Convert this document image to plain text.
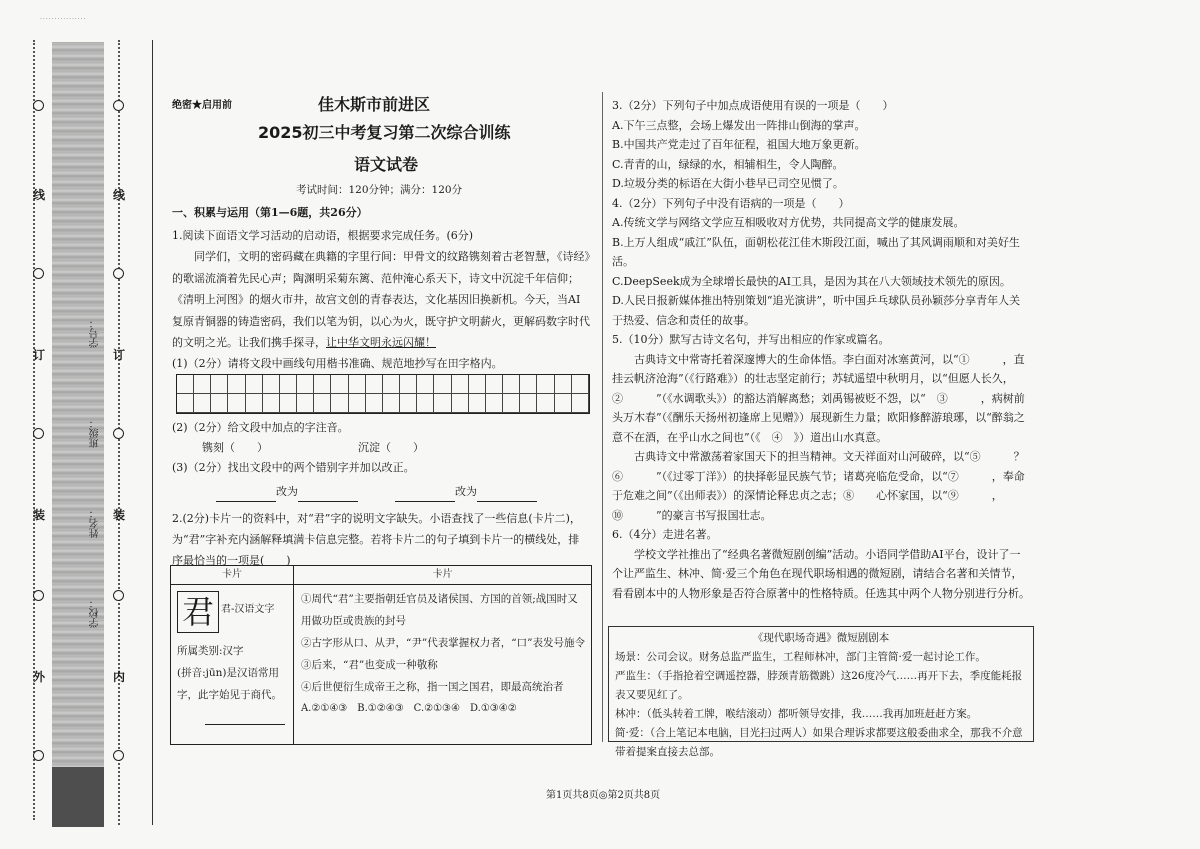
................
线
订
装
外
线
订
装
内
学号：
班级：
姓名：
学校：
绝密★启用前	佳木斯市前进区
2025初三中考复习第二次综合训练
语文试卷
考试时间：120分钟；满分：120分
一、积累与运用（第1—6题，共26分）

1.阅读下面语文学习活动的启动语，根据要求完成任务。(6分)

同学们，文明的密码藏在典籍的字里行间：甲骨文的纹路镌刻着古老智慧，《诗经》的歌谣流淌着先民心声；陶渊明采菊东篱、范仲淹心系天下，诗文中沉淀千年信仰；《清明上河图》的烟火市井，故宫文创的青春表达，文化基因旧换新机。今天，当AI复原青铜器的铸造密码，我们以笔为钥，以心为火，既守护文明薪火，更解码数字时代的文明之光。让我们携手探寻，让中华文明永远闪耀！

(1)（2分）请将文段中画线句用楷书准确、规范地抄写在田字格内。

(2)（2分）给文段中加点的字注音。

镌刻（　　）	沉淀（　　）

(3)（2分）找出文段中的两个错别字并加以改正。

改为	改为

2.(2分)卡片一的资料中，对“君”字的说明文字缺失。小语查找了一些信息(卡片二)，为“君”字补充内涵解释填满卡信息完整。若将卡片二的句子填到卡片一的横线处，排序最恰当的一项是(　　)

卡片	卡片
君 君-汉语文字
所属类别:汉字
(拼音:jūn)是汉语常用字，此字始见于商代。

①周代“君”主要指朝廷官员及诸侯国、方国的首领;战国时又用做功臣或贵族的封号

②古字形从口、从尹，“尹”代表掌握权力者，“口”表发号施令

③后来，“君”也变成一种敬称

④后世便衍生成帝王之称，指一国之国君，即最高统治者

A.②①④③　B.①②④③　C.②①③④　D.①③④②

3.（2分）下列句子中加点成语使用有误的一项是（　　）

A.下午三点整，会场上爆发出一阵排山倒海的掌声。

B.中国共产党走过了百年征程，祖国大地万象更新。

C.青青的山，绿绿的水，相辅相生，令人陶醉。

D.垃圾分类的标语在大街小巷早已司空见惯了。

4.（2分）下列句子中没有语病的一项是（　　）

A.传统文学与网络文学应互相吸收对方优势，共同提高文学的健康发展。

B.上万人组成“戚江”队伍，面朝松花江佳木斯段江面，喊出了其风调雨顺和对美好生活。

C.DeepSeek成为全球增长最快的AI工具，是因为其在八大领域技术领先的原因。

D.人民日报新媒体推出特别策划“追光演讲”，听中国乒乓球队员孙颖莎分享青年人关于热爱、信念和责任的故事。

5.（10分）默写古诗文名句，并写出相应的作家或篇名。

古典诗文中常寄托着深邃博大的生命体悟。李白面对冰塞黄河，以“①　　　，直挂云帆济沧海”（《行路难》）的壮志坚定前行；苏轼遥望中秋明月，以“但愿人长久，②　　　”（《水调歌头》）的豁达消解离愁；刘禹锡被贬不怨，以“　③　　　，病树前头万木春”（《酬乐天扬州初逢席上见赠》）展现新生力量；欧阳修醉游琅琊，以“醉翁之意不在酒，在乎山水之间也”（《　④　》）道出山水真意。

古典诗文中常激荡着家国天下的担当精神。文天祥面对山河破碎，以“⑤　　　？⑥　　　”（《过零丁洋》）的抉择彰显民族气节；诸葛亮临危受命，以“⑦　　　，奉命于危难之间”（《出师表》）的深情论释忠贞之志；⑧　　心怀家国，以“⑨　　　，⑩　　　”的豪言书写报国壮志。

6.（4分）走进名著。

学校文学社推出了“经典名著微短剧创编”活动。小语同学借助AI平台，设计了一个让严监生、林冲、简·爱三个角色在现代职场相遇的微短剧，请结合名著和关情节，看看剧本中的人物形象是否符合原著中的性格特质。任选其中两个人物分别进行分析。

《现代职场奇遇》微短剧剧本

场景：公司会议。财务总监严监生，工程师林冲，部门主管简·爱一起讨论工作。

严监生：（手指抢着空调遥控器，脖颈青筋微跳）这26度冷气……再开下去，季度能耗报表又要见红了。

林冲：（低头转着工牌，喉结滚动）都听领导安排，我……我再加班赶赶方案。

简·爱：（合上笔记本电脑，目光扫过两人）如果合理诉求都要这般委曲求全，那我不介意带着提案直接去总部。

第1页共8页◎第2页共8页
